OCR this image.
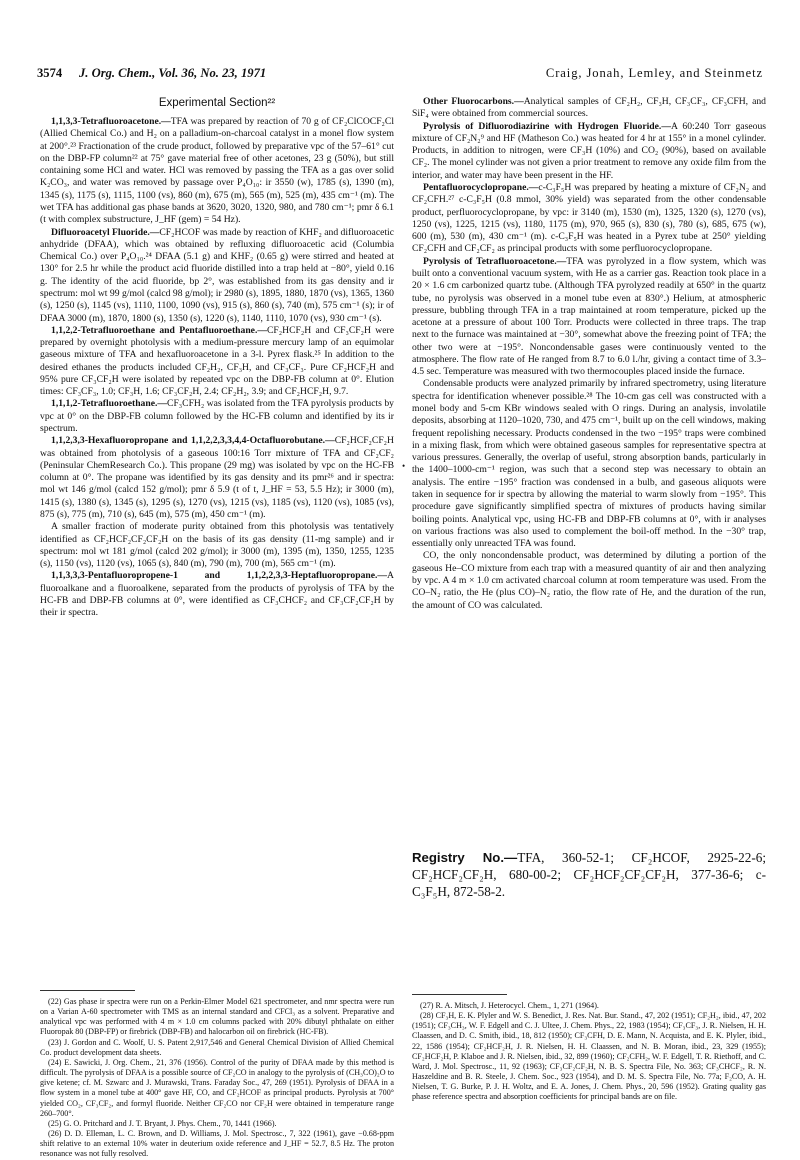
3574 J. Org. Chem., Vol. 36, No. 23, 1971	Craig, Jonah, Lemley, and Steinmetz
Experimental Section²²

1,1,3,3-Tetrafluoroacetone.—TFA was prepared by reaction of 70 g of CF₂ClCOCF₂Cl (Allied Chemical Co.) and H₂ on a palladium-on-charcoal catalyst in a monel flow system at 200°.²³ Fractionation of the crude product, followed by preparative vpc of the 57–61° cut on the DBP-FP column²² at 75° gave material free of other acetones, 23 g (50%), but still containing some HCl and water. HCl was removed by passing the TFA as a gas over solid K₂CO₃, and water was removed by passage over P₄O₁₀: ir 3550 (w), 1785 (s), 1390 (m), 1345 (s), 1175 (s), 1115, 1100 (vs), 860 (m), 675 (m), 565 (m), 525 (m), 435 cm⁻¹ (m). The wet TFA has additional gas phase bands at 3620, 3020, 1320, 980, and 780 cm⁻¹; pmr δ 6.1 (t with complex substructure, J_HF (gem) = 54 Hz).

Difluoroacetyl Fluoride.—CF₂HCOF was made by reaction of KHF₂ and difluoroacetic anhydride (DFAA), which was obtained by refluxing difluoroacetic acid (Columbia Chemical Co.) over P₄O₁₀.²⁴ DFAA (5.1 g) and KHF₂ (0.65 g) were stirred and heated at 130° for 2.5 hr while the product acid fluoride distilled into a trap held at −80°, yield 0.16 g. The identity of the acid fluoride, bp 2°, was established from its gas density and ir spectrum: mol wt 99 g/mol (calcd 98 g/mol); ir 2980 (s), 1895, 1880, 1870 (vs), 1365, 1360 (s), 1250 (s), 1145 (vs), 1110, 1100, 1090 (vs), 915 (s), 860 (s), 740 (m), 575 cm⁻¹ (s); ir of DFAA 3000 (m), 1870, 1800 (s), 1350 (s), 1220 (s), 1140, 1110, 1070 (vs), 930 cm⁻¹ (s).

1,1,2,2-Tetrafluoroethane and Pentafluoroethane.—CF₂HCF₂H and CF₃CF₂H were prepared by overnight photolysis with a medium-pressure mercury lamp of an equimolar gaseous mixture of TFA and hexafluoroacetone in a 3-l. Pyrex flask.²⁵ In addition to the desired ethanes the products included CF₂H₂, CF₃H, and CF₃CF₃. Pure CF₂HCF₂H and 95% pure CF₃CF₂H were isolated by repeated vpc on the DBP-FB column at 0°. Elution times: CF₃CF₃, 1.0; CF₃H, 1.6; CF₃CF₂H, 2.4; CF₂H₂, 3.9; and CF₂HCF₂H, 9.7.

1,1,1,2-Tetrafluoroethane.—CF₃CFH₂ was isolated from the TFA pyrolysis products by vpc at 0° on the DBP-FB column followed by the HC-FB column and identified by its ir spectrum.

1,1,2,3,3-Hexafluoropropane and 1,1,2,2,3,3,4,4-Octafluorobutane.—CF₂HCF₂CF₂H was obtained from photolysis of a gaseous 100:16 Torr mixture of TFA and CF₂CF₂ (Peninsular ChemResearch Co.). This propane (29 mg) was isolated by vpc on the HC-FB column at 0°. The propane was identified by its gas density and its pmr²⁶ and ir spectra: mol wt 146 g/mol (calcd 152 g/mol); pmr δ 5.9 (t of t, J_HF = 53, 5.5 Hz); ir 3000 (m), 1415 (s), 1380 (s), 1345 (s), 1295 (s), 1270 (vs), 1215 (vs), 1185 (vs), 1120 (vs), 1085 (vs), 875 (s), 775 (m), 710 (s), 645 (m), 575 (m), 450 cm⁻¹ (m).

A smaller fraction of moderate purity obtained from this photolysis was tentatively identified as CF₂HCF₂CF₂CF₂H on the basis of its gas density (11-mg sample) and ir spectrum: mol wt 181 g/mol (calcd 202 g/mol); ir 3000 (m), 1395 (m), 1350, 1255, 1235 (s), 1150 (vs), 1120 (vs), 1065 (s), 840 (m), 790 (m), 700 (m), 565 cm⁻¹ (m).

1,1,3,3,3-Pentafluoropropene-1 and 1,1,2,2,3,3-Heptafluoropropane.—A fluoroalkane and a fluoroalkene, separated from the products of pyrolysis of TFA by the HC-FB and DBP-FB columns at 0°, were identified as CF₃CHCF₂ and CF₃CF₂CF₂H by their ir spectra.

Other Fluorocarbons.—Analytical samples of CF₂H₂, CF₃H, CF₃CF₃, CF₃CFH, and SiF₄ were obtained from commercial sources.

Pyrolysis of Difluorodiazirine with Hydrogen Fluoride.—A 60:240 Torr gaseous mixture of CF₂N₂⁹ and HF (Matheson Co.) was heated for 4 hr at 155° in a monel cylinder. Products, in addition to nitrogen, were CF₃H (10%) and CO₂ (90%), based on available CF₂. The monel cylinder was not given a prior treatment to remove any oxide film from the interior, and water may have been present in the HF.

Pentafluorocyclopropane.—c-C₃F₅H was prepared by heating a mixture of CF₂N₂ and CF₂CFH.²⁷ c-C₃F₅H (0.8 mmol, 30% yield) was separated from the other condensable product, perfluorocyclopropane, by vpc: ir 3140 (m), 1530 (m), 1325, 1320 (s), 1270 (vs), 1250 (vs), 1225, 1215 (vs), 1180, 1175 (m), 970, 965 (s), 830 (s), 780 (s), 685, 675 (w), 600 (m), 530 (m), 430 cm⁻¹ (m). c-C₃F₅H was heated in a Pyrex tube at 250° yielding CF₂CFH and CF₂CF₂ as principal products with some perfluorocyclopropane.

Pyrolysis of Tetrafluoroacetone.—TFA was pyrolyzed in a flow system, which was built onto a conventional vacuum system, with He as a carrier gas. Reaction took place in a 20 × 1.6 cm carbonized quartz tube. (Although TFA pyrolyzed readily at 650° in the quartz tube, no pyrolysis was observed in a monel tube even at 830°.) Helium, at atmospheric pressure, bubbling through TFA in a trap maintained at room temperature, picked up the acetone at a pressure of about 100 Torr. Products were collected in three traps. The trap next to the furnace was maintained at −30°, somewhat above the freezing point of TFA; the other two were at −195°. Noncondensable gases were continuously vented to the atmosphere. The flow rate of He ranged from 8.7 to 6.0 l./hr, giving a contact time of 3.3–4.5 sec. Temperature was measured with two thermocouples placed inside the furnace.

Condensable products were analyzed primarily by infrared spectrometry, using literature spectra for identification whenever possible.²⁸ The 10-cm gas cell was constructed with a monel body and 5-cm KBr windows sealed with O rings. During an analysis, involatile deposits, absorbing at 1120–1020, 730, and 475 cm⁻¹, built up on the cell windows, making frequent repolishing necessary. Products condensed in the two −195° traps were combined in a mixing flask, from which were obtained gaseous samples for representative spectra at various pressures. Generally, the overlap of useful, strong absorption bands, particularly in the 1400–1000-cm⁻¹ region, was such that a second step was necessary to obtain an analysis. The entire −195° fraction was condensed in a bulb, and gaseous aliquots were taken in sequence for ir spectra by allowing the material to warm slowly from −195°. This procedure gave significantly simplified spectra of mixtures of products having similar boiling points. Analytical vpc, using HC-FB and DBP-FB columns at 0°, with ir analyses on various fractions was also used to complement the boil-off method. In the −30° trap, essentially only unreacted TFA was found.

CO, the only noncondensable product, was determined by diluting a portion of the gaseous He–CO mixture from each trap with a measured quantity of air and then analyzing by vpc. A 4 m × 1.0 cm activated charcoal column at room temperature was used. From the CO–N₂ ratio, the He (plus CO)–N₂ ratio, the flow rate of He, and the duration of the run, the amount of CO was calculated.

•
Registry No.—TFA, 360-52-1; CF₂HCOF, 2925-22-6; CF₂HCF₂CF₂H, 680-00-2; CF₂HCF₂CF₂CF₂H, 377-36-6; c-C₃F₅H, 872-58-2.

(22) Gas phase ir spectra were run on a Perkin-Elmer Model 621 spectrometer, and nmr spectra were run on a Varian A-60 spectrometer with TMS as an internal standard and CFCl₃ as a solvent. Preparative and analytical vpc was performed with 4 m × 1.0 cm columns packed with 20% dibutyl phthalate on either Fluoropak 80 (DBP-FP) or firebrick (DBP-FB) and halocarbon oil on firebrick (HC-FB).

(23) J. Gordon and C. Woolf, U. S. Patent 2,917,546 and General Chemical Division of Allied Chemical Co. product development data sheets.

(24) E. Sawicki, J. Org. Chem., 21, 376 (1956). Control of the purity of DFAA made by this method is difficult. The pyrolysis of DFAA is a possible source of CF₂CO in analogy to the pyrolysis of (CH₃CO)₂O to give ketene; cf. M. Szwarc and J. Murawski, Trans. Faraday Soc., 47, 269 (1951). Pyrolysis of DFAA in a flow system in a monel tube at 400° gave HF, CO, and CF₂HCOF as principal products. Pyrolysis at 700° yielded CO₂, CF₃CF₂, and formyl fluoride. Neither CF₂CO nor CF₂H were obtained in temperature range 260–700°.

(25) G. O. Pritchard and J. T. Bryant, J. Phys. Chem., 70, 1441 (1966).

(26) D. D. Elleman, L. C. Brown, and D. Williams, J. Mol. Spectrosc., 7, 322 (1961), gave −0.68-ppm shift relative to an external 10% water in deuterium oxide reference and J_HF = 52.7, 8.5 Hz. The proton resonance was not fully resolved.

(27) R. A. Mitsch, J. Heterocycl. Chem., 1, 271 (1964).

(28) CF₃H, E. K. Plyler and W. S. Benedict, J. Res. Nat. Bur. Stand., 47, 202 (1951); CF₂H₂, ibid., 47, 202 (1951); CF₃CH₃, W. F. Edgell and C. J. Ultee, J. Chem. Phys., 22, 1983 (1954); CF₃CF₃, J. R. Nielsen, H. H. Claassen, and D. C. Smith, ibid., 18, 812 (1950); CF₃CFH, D. E. Mann, N. Acquista, and E. K. Plyler, ibid., 22, 1586 (1954); CF₂HCF₂H, J. R. Nielsen, H. H. Claassen, and N. B. Moran, ibid., 23, 329 (1955); CF₂HCF₂H, P. Klaboe and J. R. Nielsen, ibid., 32, 899 (1960); CF₂CFH₂, W. F. Edgell, T. R. Rietho​ff, and C. Ward, J. Mol. Spectrosc., 11, 92 (1963); CF₃CF₂CF₂H, N. B. S. Spectra File, No. 363; CF₃CHCF₂, R. N. Haszeldine and B. R. Steele, J. Chem. Soc., 923 (1954), and D. M. S. Spectra File, No. 77a; F₂CO, A. H. Nielsen, T. G. Burke, P. J. H. Woltz, and E. A. Jones, J. Chem. Phys., 20, 596 (1952). Grating quality gas phase reference spectra and absorption coefficients for principal bands are on file.
